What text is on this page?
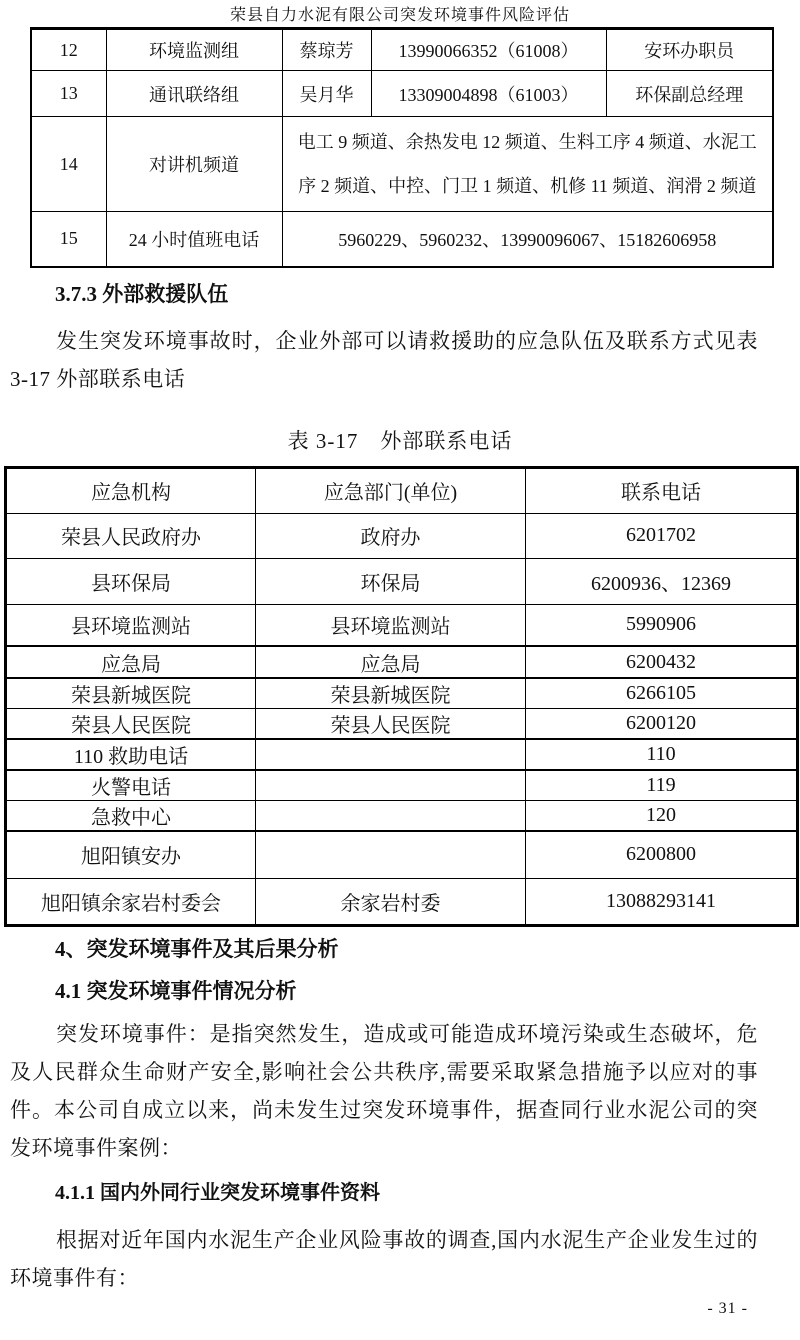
荣县自力水泥有限公司突发环境事件风险评估
12	环境监测组	蔡琼芳	13990066352（61008）	安环办职员
13	通讯联络组	吴月华	13309004898（61003）	环保副总经理
14	对讲机频道	电工 9 频道、余热发电 12 频道、生料工序 4 频道、水泥工序 2 频道、中控、门卫 1 频道、机修 11 频道、润滑 2 频道		
15	24 小时值班电话	5960229、5960232、13990096067、15182606958		
3.7.3 外部救援队伍

发生突发环境事故时，企业外部可以请救援助的应急队伍及联系方式见表 3-17 外部联系电话

表 3-17　外部联系电话
应急机构	应急部门(单位)	联系电话
荣县人民政府办	政府办	6201702
县环保局	环保局	6200936、12369
县环境监测站	县环境监测站	5990906
应急局	应急局	6200432
荣县新城医院	荣县新城医院	6266105
荣县人民医院	荣县人民医院	6200120
110 救助电话		110
火警电话		119
急救中心		120
旭阳镇安办		6200800
旭阳镇余家岩村委会	余家岩村委	13088293141
4、突发环境事件及其后果分析
4.1 突发环境事件情况分析

突发环境事件：是指突然发生，造成或可能造成环境污染或生态破坏，危及人民群众生命财产安全,影响社会公共秩序,需要采取紧急措施予以应对的事件。本公司自成立以来，尚未发生过突发环境事件，据查同行业水泥公司的突发环境事件案例：

4.1.1 国内外同行业突发环境事件资料

根据对近年国内水泥生产企业风险事故的调查,国内水泥生产企业发生过的环境事件有：

- 31 -
